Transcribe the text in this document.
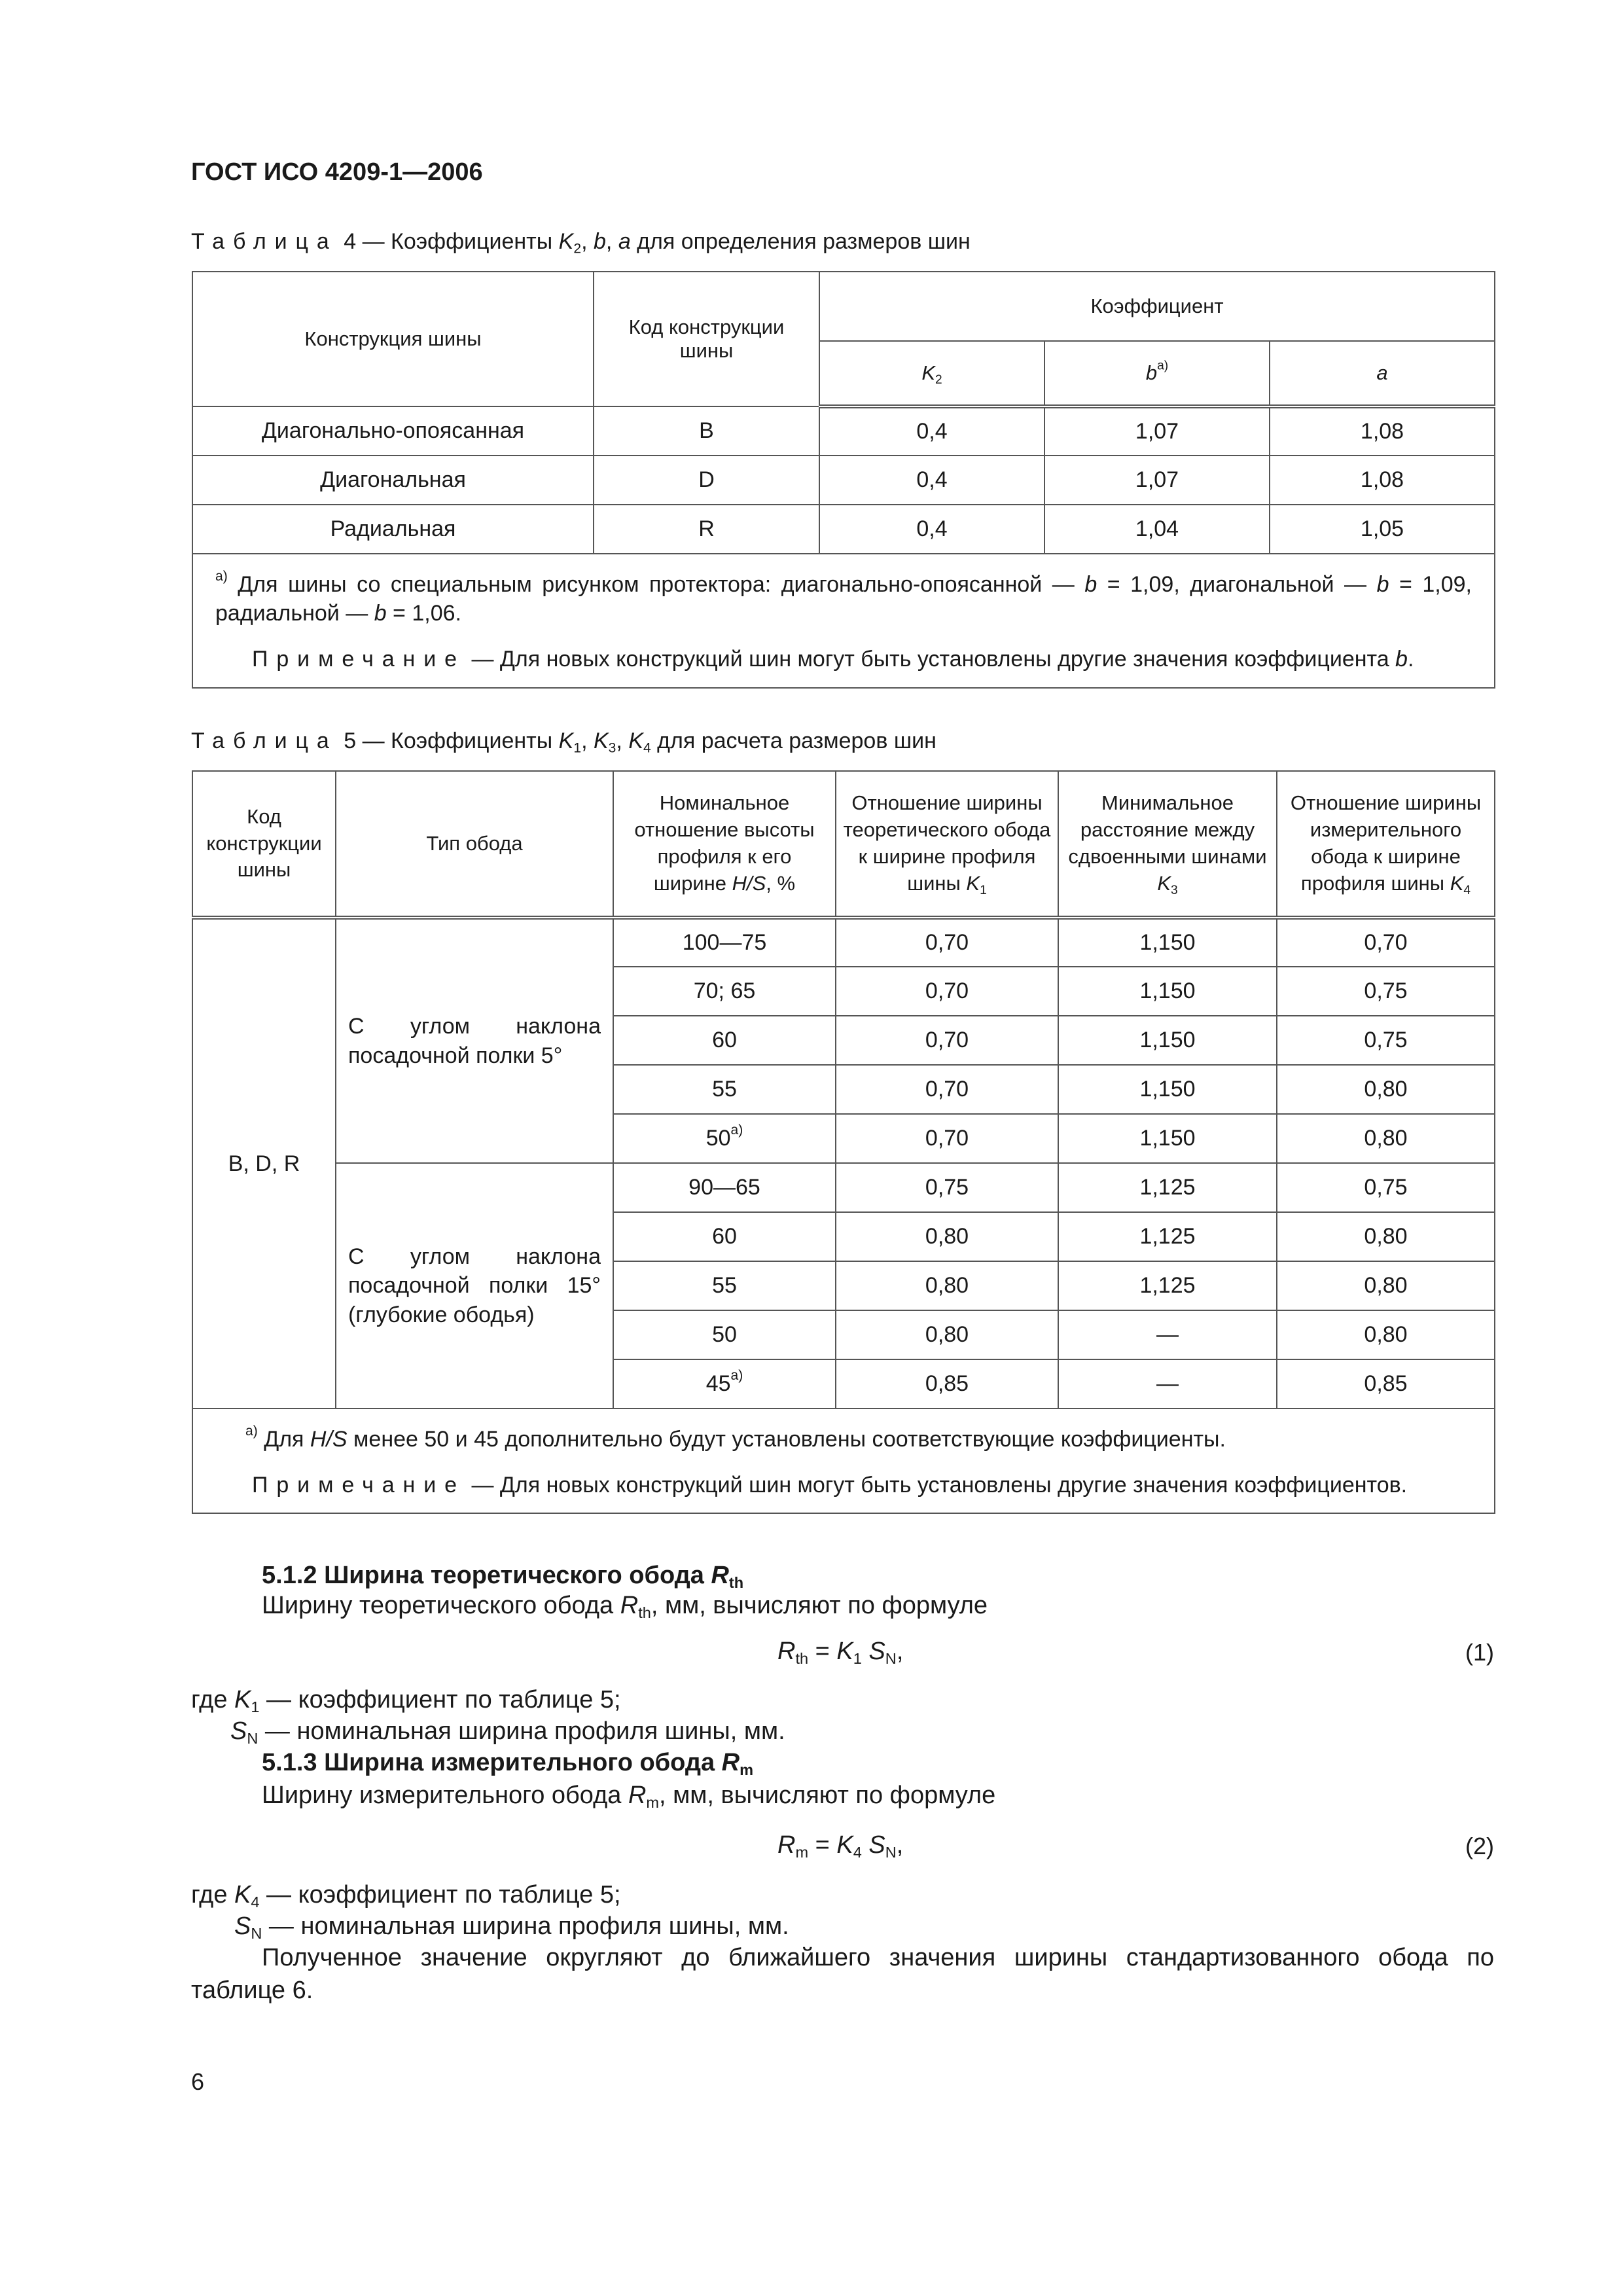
ГОСТ ИСО 4209-1—2006
Таблица 4 — Коэффициенты $K_2$, b, a для определения размеров шин
Конструкция шины	Код конструкции шины	Коэффициент		
		$K_2$	$b^{а)}$	a
Диагонально-опоясанная	B	0,4	1,07	1,08
Диагональная	D	0,4	1,07	1,08
Радиальная	R	0,4	1,04	1,05

$^{а)}$ Для шины со специальным рисунком протектора: диагонально-опоясанной — b = 1,09, диагональной — b = 1,09, радиальной — b = 1,06.

Примечание — Для новых конструкций шин могут быть установлены другие значения коэффициента b.				

Таблица 5 — Коэффициенты $K_1$, $K_3$, $K_4$ для расчета размеров шин
Код конструкции шины	Тип обода	Номинальное отношение высоты профиля к его ширине H/S, %	Отношение ширины теоретического обода к ширине профиля шины $K_1$	Минимальное расстояние между сдвоенными шинами $K_3$	Отношение ширины измерительного обода к ширине профиля шины $K_4$
B, D, R	С углом наклона посадочной полки 5°	100—75	0,70	1,150	0,70
		70; 65	0,70	1,150	0,75
		60	0,70	1,150	0,75
		55	0,70	1,150	0,80
		$50^{а)}$	0,70	1,150	0,80

	С углом наклона посадочной полки 15° (глубокие ободья)	90—65	0,75	1,125	0,75
		60	0,80	1,125	0,80
		55	0,80	1,125	0,80
		50	0,80	—	0,80
		$45^{а)}$	0,85	—	0,85

$^{а)}$ Для H/S менее 50 и 45 дополнительно будут установлены соответствующие коэффициенты.

Примечание — Для новых конструкций шин могут быть установлены другие значения коэффициентов.					

5.1.2 Ширина теоретического обода $R_{th}$
Ширину теоретического обода $R_{th}$, мм, вычисляют по формуле
$R_{th} = K_1$ $S_N$,	(1)
где $K_1$ — коэффициент по таблице 5;
$S_N$ — номинальная ширина профиля шины, мм.
5.1.3 Ширина измерительного обода $R_m$
Ширину измерительного обода $R_m$, мм, вычисляют по формуле
$R_m = K_4$ $S_N$,	(2)
где $K_4$ — коэффициент по таблице 5;
$S_N$ — номинальная ширина профиля шины, мм.
Полученное значение округляют до ближайшего значения ширины стандартизованного обода по
таблице 6.
6
